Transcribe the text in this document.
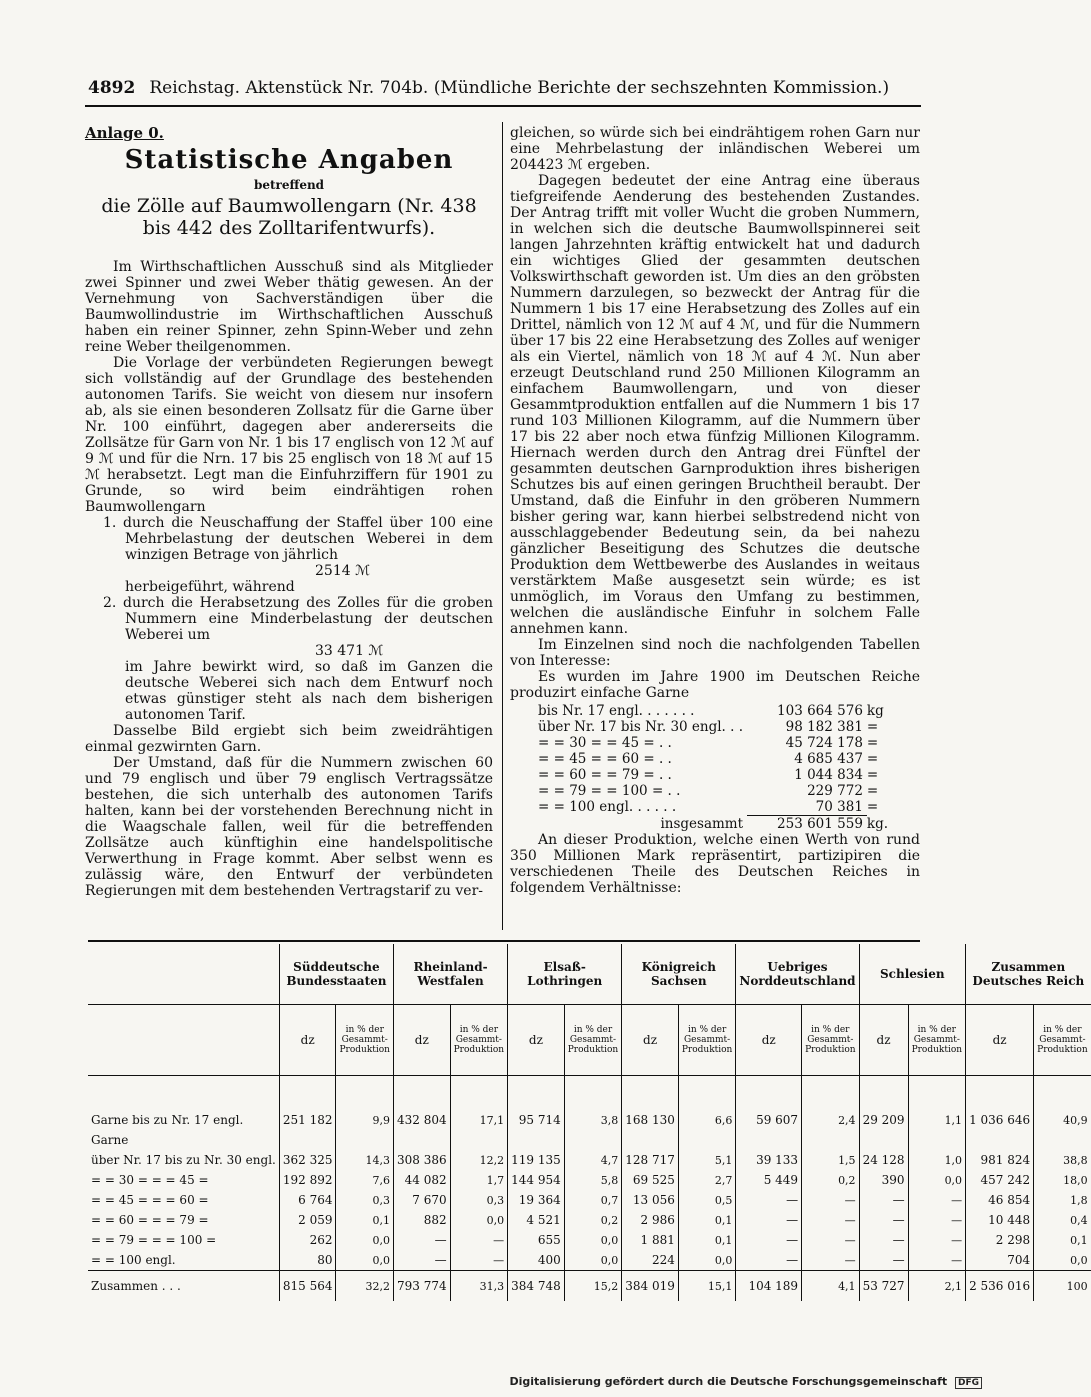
4892 Reichstag. Aktenstück Nr. 704b. (Mündliche Berichte der sechszehnten Kommission.)
Anlage 0.
Statistische Angaben
betreffend
die Zölle auf Baumwollengarn (Nr. 438 bis 442 des Zolltarifentwurfs).

Im Wirthschaftlichen Ausschuß sind als Mitglieder zwei Spinner und zwei Weber thätig gewesen. An der Vernehmung von Sachverständigen über die Baumwollindustrie im Wirthschaftlichen Ausschuß haben ein reiner Spinner, zehn Spinn-Weber und zehn reine Weber theilgenommen.

Die Vorlage der verbündeten Regierungen bewegt sich vollständig auf der Grundlage des bestehenden autonomen Tarifs. Sie weicht von diesem nur insofern ab, als sie einen besonderen Zollsatz für die Garne über Nr. 100 einführt, dagegen aber andererseits die Zollsätze für Garn von Nr. 1 bis 17 englisch von 12 ℳ auf 9 ℳ und für die Nrn. 17 bis 25 englisch von 18 ℳ auf 15 ℳ herabsetzt. Legt man die Einfuhrziffern für 1901 zu Grunde, so wird beim eindrähtigen rohen Baumwollengarn

1. durch die Neuschaffung der Staffel über 100 eine Mehrbelastung der deutschen Weberei in dem winzigen Betrage von jährlich
2514 ℳ
herbeigeführt, während
2. durch die Herabsetzung des Zolles für die groben Nummern eine Minderbelastung der deutschen Weberei um
33 471 ℳ
im Jahre bewirkt wird, so daß im Ganzen die deutsche Weberei sich nach dem Entwurf noch etwas günstiger steht als nach dem bisherigen autonomen Tarif.

Dasselbe Bild ergiebt sich beim zweidrähtigen einmal gezwirnten Garn.

Der Umstand, daß für die Nummern zwischen 60 und 79 englisch und über 79 englisch Vertragssätze bestehen, die sich unterhalb des autonomen Tarifs halten, kann bei der vorstehenden Berechnung nicht in die Waagschale fallen, weil für die betreffenden Zollsätze auch künftighin eine handelspolitische Verwerthung in Frage kommt. Aber selbst wenn es zulässig wäre, den Entwurf der verbündeten Regierungen mit dem bestehenden Vertragstarif zu ver-

gleichen, so würde sich bei eindrähtigem rohen Garn nur eine Mehrbelastung der inländischen Weberei um 204423 ℳ ergeben.

Dagegen bedeutet der eine Antrag eine überaus tiefgreifende Aenderung des bestehenden Zustandes. Der Antrag trifft mit voller Wucht die groben Nummern, in welchen sich die deutsche Baumwollspinnerei seit langen Jahrzehnten kräftig entwickelt hat und dadurch ein wichtiges Glied der gesammten deutschen Volkswirthschaft geworden ist. Um dies an den gröbsten Nummern darzulegen, so bezweckt der Antrag für die Nummern 1 bis 17 eine Herabsetzung des Zolles auf ein Drittel, nämlich von 12 ℳ auf 4 ℳ, und für die Nummern über 17 bis 22 eine Herabsetzung des Zolles auf weniger als ein Viertel, nämlich von 18 ℳ auf 4 ℳ. Nun aber erzeugt Deutschland rund 250 Millionen Kilogramm an einfachem Baumwollengarn, und von dieser Gesammtproduktion entfallen auf die Nummern 1 bis 17 rund 103 Millionen Kilogramm, auf die Nummern über 17 bis 22 aber noch etwa fünfzig Millionen Kilogramm. Hiernach werden durch den Antrag drei Fünftel der gesammten deutschen Garnproduktion ihres bisherigen Schutzes bis auf einen geringen Bruchtheil beraubt. Der Umstand, daß die Einfuhr in den gröberen Nummern bisher gering war, kann hierbei selbstredend nicht von ausschlaggebender Bedeutung sein, da bei nahezu gänzlicher Beseitigung des Schutzes die deutsche Produktion dem Wettbewerbe des Auslandes in weitaus verstärktem Maße ausgesetzt sein würde; es ist unmöglich, im Voraus den Umfang zu bestimmen, welchen die ausländische Einfuhr in solchem Falle annehmen kann.

Im Einzelnen sind noch die nachfolgenden Tabellen von Interesse:

Es wurden im Jahre 1900 im Deutschen Reiche produzirt einfache Garne

bis Nr. 17 engl. . . . . . .	103 664 576	kg
über Nr. 17 bis Nr. 30 engl. . .	98 182 381	=
= = 30 = = 45 = . .	45 724 178	=
= = 45 = = 60 = . .	4 685 437	=
= = 60 = = 79 = . .	1 044 834	=
= = 79 = = 100 = . .	229 772	=
= = 100 engl. . . . . .	70 381	=
insgesammt	253 601 559	kg.

An dieser Produktion, welche einen Werth von rund 350 Millionen Mark repräsentirt, partizipiren die verschiedenen Theile des Deutschen Reiches in folgendem Verhältnisse:

	Süddeutsche Bundesstaaten		Rheinland-Westfalen		Elsaß-Lothringen		Königreich Sachsen		Uebriges Norddeutschland		Schlesien		Zusammen Deutsches Reich	
	dz	in % der Gesammt-Produktion	dz	in % der Gesammt-Produktion	dz	in % der Gesammt-Produktion	dz	in % der Gesammt-Produktion	dz	in % der Gesammt-Produktion	dz	in % der Gesammt-Produktion	dz	in % der Gesammt-Produktion

Garne bis zu Nr. 17 engl.	251 182	9,9	432 804	17,1	95 714	3,8	168 130	6,6	59 607	2,4	29 209	1,1	1 036 646	40,9
Garne														
über Nr. 17 bis zu Nr. 30 engl.	362 325	14,3	308 386	12,2	119 135	4,7	128 717	5,1	39 133	1,5	24 128	1,0	981 824	38,8
= = 30 = = = 45 =	192 892	7,6	44 082	1,7	144 954	5,8	69 525	2,7	5 449	0,2	390	0,0	457 242	18,0
= = 45 = = = 60 =	6 764	0,3	7 670	0,3	19 364	0,7	13 056	0,5	—	—	—	—	46 854	1,8
= = 60 = = = 79 =	2 059	0,1	882	0,0	4 521	0,2	2 986	0,1	—	—	—	—	10 448	0,4
= = 79 = = = 100 =	262	0,0	—	—	655	0,0	1 881	0,1	—	—	—	—	2 298	0,1
= = 100 engl.	80	0,0	—	—	400	0,0	224	0,0	—	—	—	—	704	0,0
Zusammen . . .	815 564	32,2	793 774	31,3	384 748	15,2	384 019	15,1	104 189	4,1	53 727	2,1	2 536 016	100
Digitalisierung gefördert durch die Deutsche Forschungsgemeinschaft DFG
